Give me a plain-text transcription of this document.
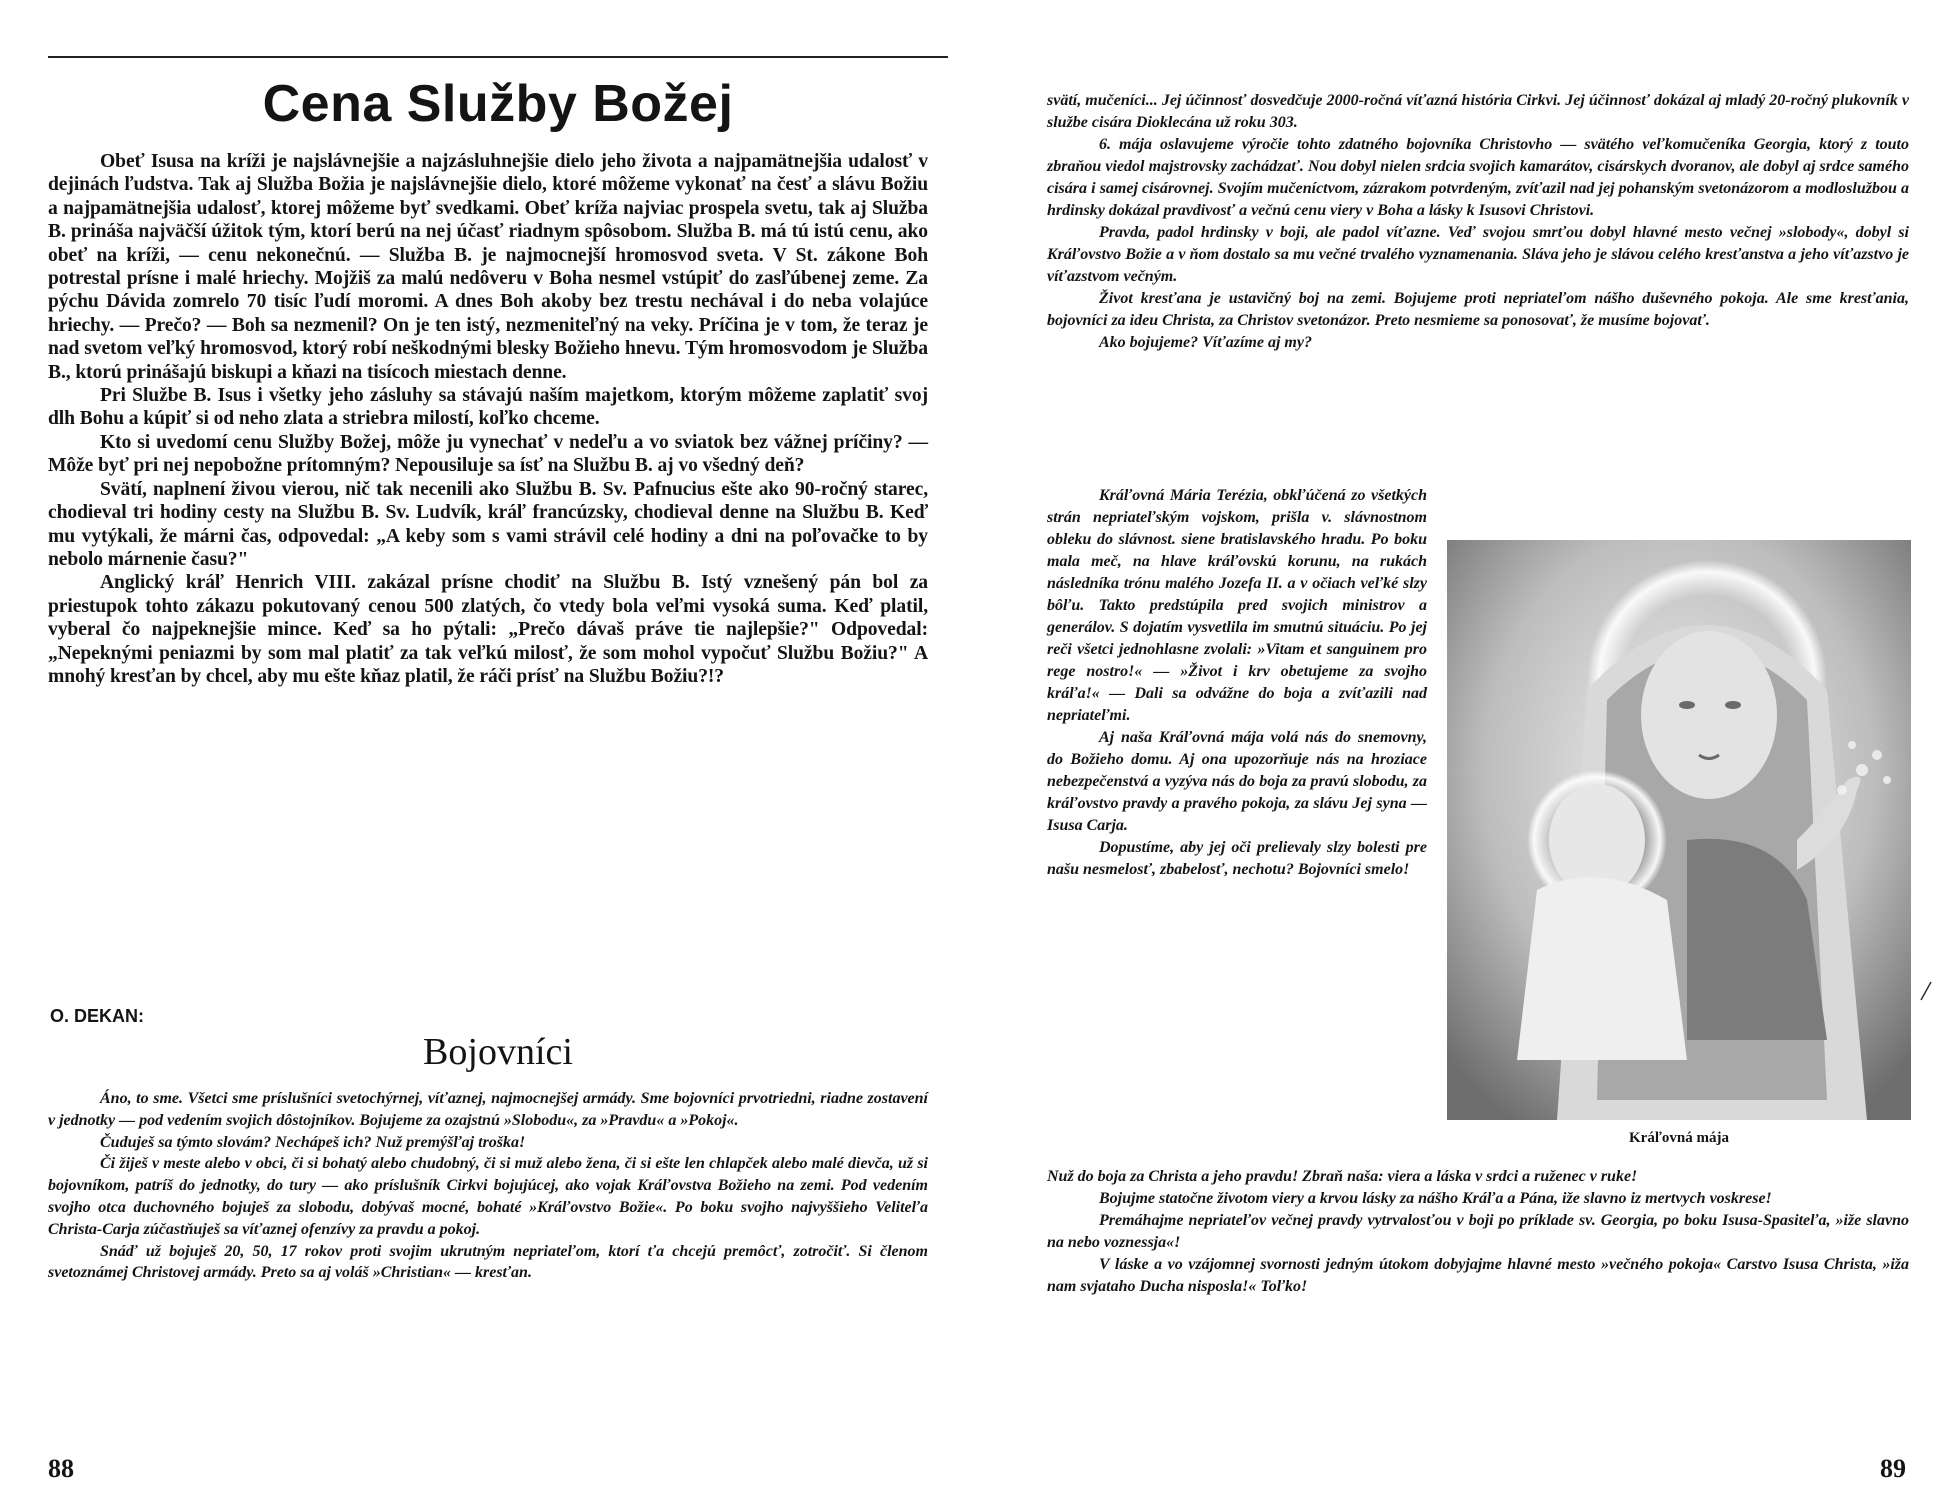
Cena Služby Božej

Obeť Isusa na kríži je najslávnejšie a najzásluhnejšie dielo jeho života a najpamätnejšia udalosť v dejinách ľudstva. Tak aj Služba Božia je najslávnejšie dielo, ktoré môžeme vykonať na česť a slávu Božiu a najpamätnejšia udalosť, ktorej môžeme byť svedkami. Obeť kríža najviac prospela svetu, tak aj Služba B. prináša najväčší úžitok tým, ktorí berú na nej účasť riadnym spôsobom. Služba B. má tú istú cenu, ako obeť na kríži, — cenu nekonečnú. — Služba B. je najmocnejší hromosvod sveta. V St. zákone Boh potrestal prísne i malé hriechy. Mojžiš za malú nedôveru v Boha nesmel vstúpiť do zasľúbenej zeme. Za pýchu Dávida zomrelo 70 tisíc ľudí moromi. A dnes Boh akoby bez trestu nechával i do neba volajúce hriechy. — Prečo? — Boh sa nezmenil? On je ten istý, nezmeniteľný na veky. Príčina je v tom, že teraz je nad svetom veľký hromosvod, ktorý robí neškodnými blesky Božieho hnevu. Tým hromosvodom je Služba B., ktorú prinášajú biskupi a kňazi na tisícoch miestach denne.

Pri Službe B. Isus i všetky jeho zásluhy sa stávajú naším majetkom, ktorým môžeme zaplatiť svoj dlh Bohu a kúpiť si od neho zlata a striebra milostí, koľko chceme.

Kto si uvedomí cenu Služby Božej, môže ju vynechať v nedeľu a vo sviatok bez vážnej príčiny? — Môže byť pri nej nepobožne prítomným? Nepousiluje sa ísť na Službu B. aj vo všedný deň?

Svätí, naplnení živou vierou, nič tak necenili ako Službu B. Sv. Pafnucius ešte ako 90-ročný starec, chodieval tri hodiny cesty na Službu B. Sv. Ludvík, kráľ francúzsky, chodieval denne na Službu B. Keď mu vytýkali, že márni čas, odpovedal: „A keby som s vami strávil celé hodiny a dni na poľovačke to by nebolo márnenie času?"

Anglický kráľ Henrich VIII. zakázal prísne chodiť na Službu B. Istý vznešený pán bol za priestupok tohto zákazu pokutovaný cenou 500 zlatých, čo vtedy bola veľmi vysoká suma. Keď platil, vyberal čo najpeknejšie mince. Keď sa ho pýtali: „Prečo dávaš práve tie najlepšie?" Odpovedal: „Nepeknými peniazmi by som mal platiť za tak veľkú milosť, že som mohol vypočuť Službu Božiu?" A mnohý kresťan by chcel, aby mu ešte kňaz platil, že ráči prísť na Službu Božiu?!?

O. DEKAN:

Bojovníci

Áno, to sme. Všetci sme príslušníci svetochýrnej, víťaznej, najmocnejšej armády. Sme bojovníci prvotriedni, riadne zostavení v jednotky — pod vedením svojich dôstojníkov. Bojujeme za ozajstnú »Slobodu«, za »Pravdu« a »Pokoj«.

Čuduješ sa týmto slovám? Nechápeš ich? Nuž premýšľaj troška!

Či žiješ v meste alebo v obci, či si bohatý alebo chudobný, či si muž alebo žena, či si ešte len chlapček alebo malé dievča, už si bojovníkom, patríš do jednotky, do tury — ako príslušník Cirkvi bojujúcej, ako vojak Kráľovstva Božieho na zemi. Pod vedením svojho otca duchovného bojuješ za slobodu, dobývaš mocné, bohaté »Kráľovstvo Božie«. Po boku svojho najvyššieho Veliteľa Christa-Carja zúčastňuješ sa víťaznej ofenzívy za pravdu a pokoj.

Snáď už bojuješ 20, 50, 17 rokov proti svojim ukrutným nepriateľom, ktorí ťa chcejú premôcť, zotročiť. Si členom svetoznámej Christovej armády. Preto sa aj voláš »Christian« — kresťan.

88

svätí, mučeníci... Jej účinnosť dosvedčuje 2000-ročná víťazná história Cirkvi. Jej účinnosť dokázal aj mladý 20-ročný plukovník v službe cisára Dioklecána už roku 303.

6. mája oslavujeme výročie tohto zdatného bojovníka Christovho — svätého veľkomučeníka Georgia, ktorý z touto zbraňou viedol majstrovsky zachádzať. Nou dobyl nielen srdcia svojich kamarátov, cisárskych dvoranov, ale dobyl aj srdce samého cisára i samej cisárovnej. Svojím mučeníctvom, zázrakom potvrdeným, zvíťazil nad jej pohanským svetonázorom a modloslužbou a hrdinsky dokázal pravdivosť a večnú cenu viery v Boha a lásky k Isusovi Christovi.

Pravda, padol hrdinsky v boji, ale padol víťazne. Veď svojou smrťou dobyl hlavné mesto večnej »slobody«, dobyl si Kráľovstvo Božie a v ňom dostalo sa mu večné trvalého vyznamenania. Sláva jeho je slávou celého kresťanstva a jeho víťazstvo je víťazstvom večným.

Život kresťana je ustavičný boj na zemi. Bojujeme proti nepriateľom nášho duševného pokoja. Ale sme kresťania, bojovníci za ideu Christa, za Christov svetonázor. Preto nesmieme sa ponosovať, že musíme bojovať.

Ako bojujeme? Víťazíme aj my?

Kráľovná Mária Terézia, obkľúčená zo všetkých strán nepriateľským vojskom, prišla v. slávnostnom obleku do slávnost. siene bratislavského hradu. Po boku mala meč, na hlave kráľovskú korunu, na rukách následníka trónu malého Jozefa II. a v očiach veľké slzy bôľu. Takto predstúpila pred svojich ministrov a generálov. S dojatím vysvetlila im smutnú situáciu. Po jej reči všetci jednohlasne zvolali: »Vitam et sanguinem pro rege nostro!« — »Život i krv obetujeme za svojho kráľa!« — Dali sa odvážne do boja a zvíťazili nad nepriateľmi.

Aj naša Kráľovná mája volá nás do snemovny, do Božieho domu. Aj ona upozorňuje nás na hroziace nebezpečenstvá a vyzýva nás do boja za pravú slobodu, za kráľovstvo pravdy a pravého pokoja, za slávu Jej syna — Isusa Carja.

Dopustíme, aby jej oči prelievaly slzy bolesti pre našu nesmelosť, zbabelosť, nechotu? Bojovníci smelo!

Kráľovná mája

Nuž do boja za Christa a jeho pravdu! Zbraň naša: viera a láska v srdci a ruženec v ruke!

Bojujme statočne životom viery a krvou lásky za nášho Kráľa a Pána, iže slavno iz mertvych voskrese!

Premáhajme nepriateľov večnej pravdy vytrvalosťou v boji po príklade sv. Georgia, po boku Isusa-Spasiteľa, »iže slavno na nebo voznessja«!

V láske a vo vzájomnej svornosti jedným útokom dobyjajme hlavné mesto »večného pokoja« Carstvo Isusa Christa, »iža nam svjataho Ducha nisposla!« Toľko!

89
